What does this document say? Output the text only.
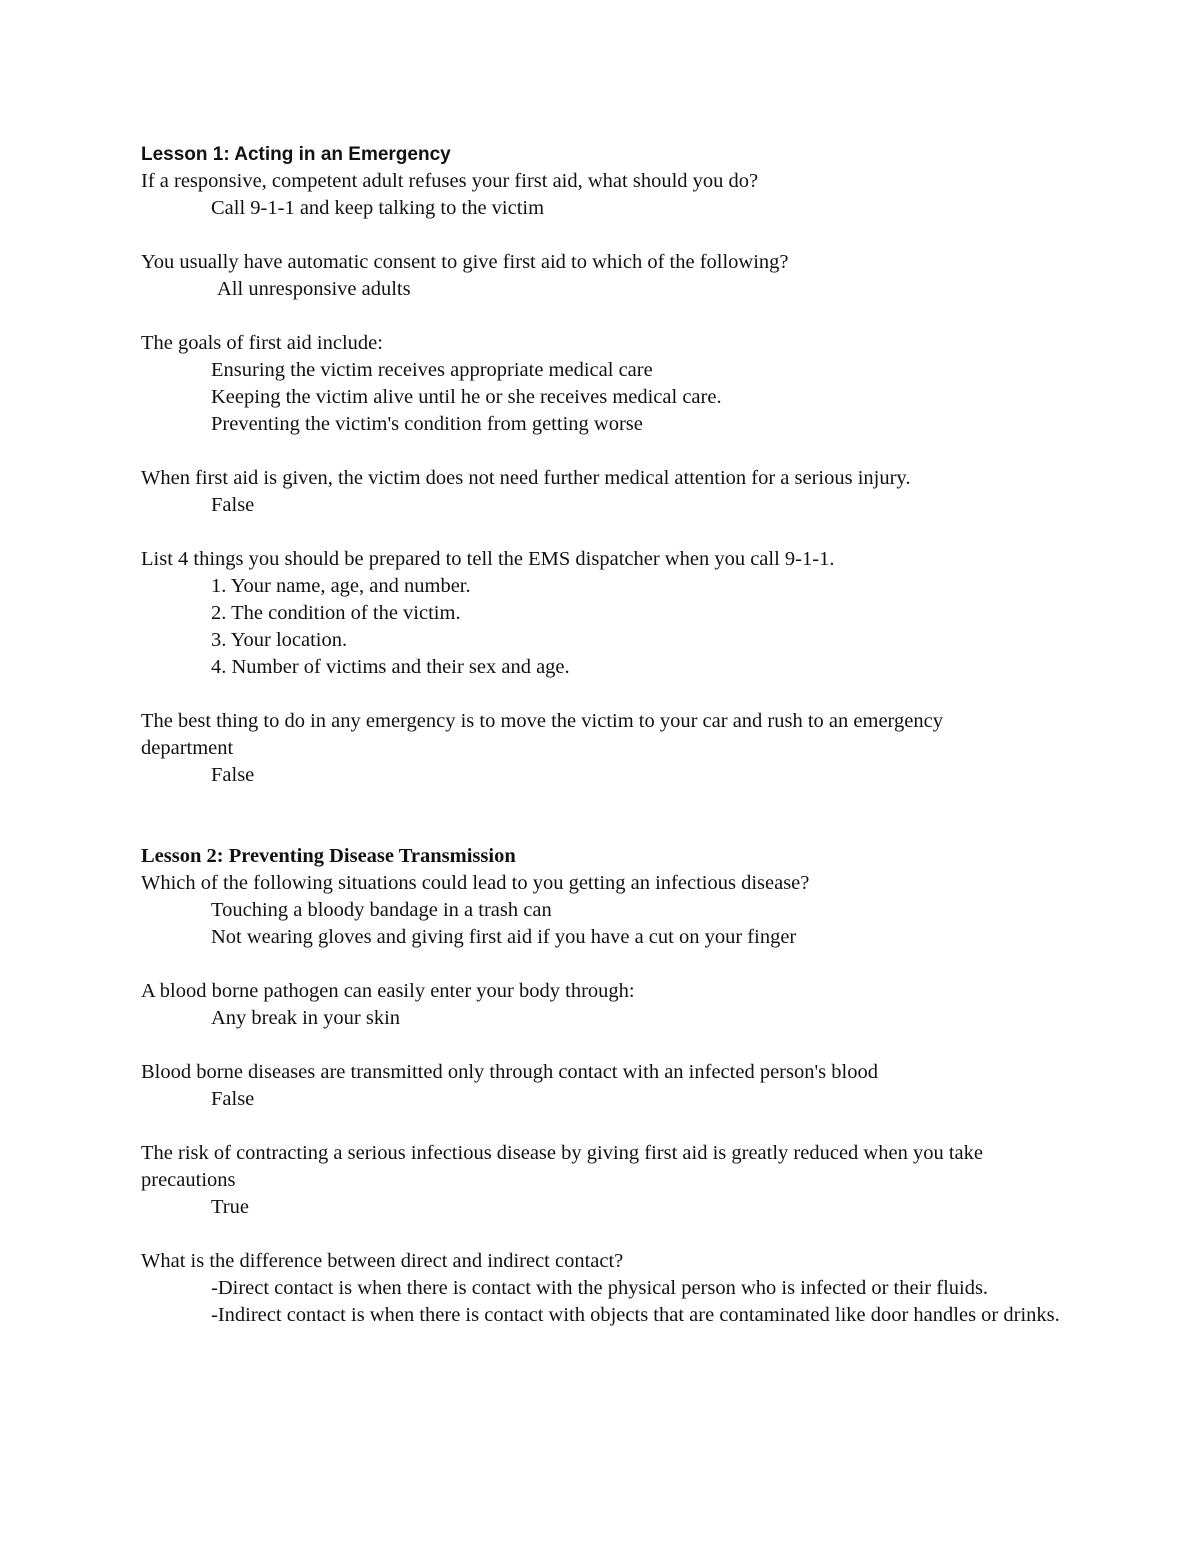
Lesson 1: Acting in an Emergency

If a responsive, competent adult refuses your first aid, what should you do?

Call 9-1-1 and keep talking to the victim

You usually have automatic consent to give first aid to which of the following?

All unresponsive adults

The goals of first aid include:

Ensuring the victim receives appropriate medical care

Keeping the victim alive until he or she receives medical care.

Preventing the victim's condition from getting worse

When first aid is given, the victim does not need further medical attention for a serious injury.

False

List 4 things you should be prepared to tell the EMS dispatcher when you call 9-1-1.

1. Your name, age, and number.

2. The condition of the victim.

3. Your location.

4. Number of victims and their sex and age.

The best thing to do in any emergency is to move the victim to your car and rush to an emergency department

False

Lesson 2: Preventing Disease Transmission

Which of the following situations could lead to you getting an infectious disease?

Touching a bloody bandage in a trash can

Not wearing gloves and giving first aid if you have a cut on your finger

A blood borne pathogen can easily enter your body through:

Any break in your skin

Blood borne diseases are transmitted only through contact with an infected person's blood

False

The risk of contracting a serious infectious disease by giving first aid is greatly reduced when you take precautions

True

What is the difference between direct and indirect contact?

-Direct contact is when there is contact with the physical person who is infected or their fluids.

-Indirect contact is when there is contact with objects that are contaminated like door handles or drinks.
